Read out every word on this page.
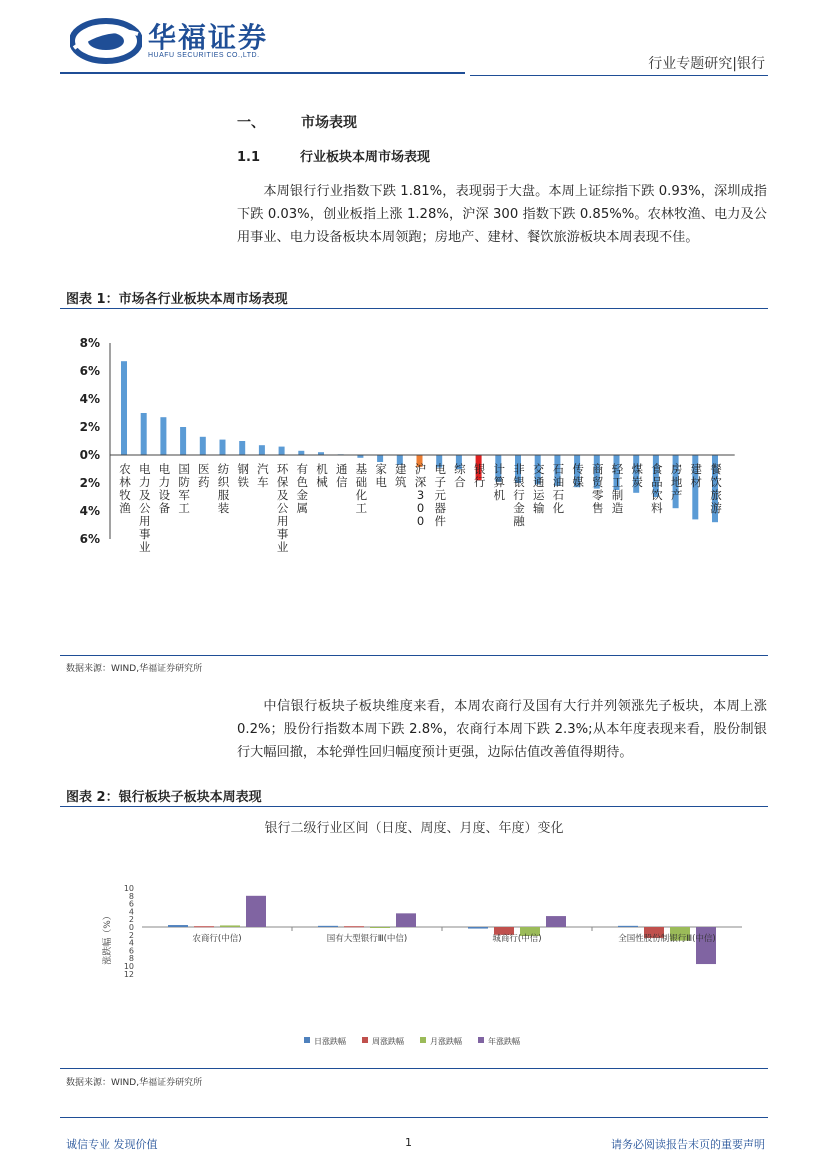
华福证券
HUAFU SECURITIES CO.,LTD.
行业专题研究|银行
一、	市场表现
1.1	行业板块本周市场表现
本周银行行业指数下跌 1.81%，表现弱于大盘。本周上证综指下跌 0.93%，深圳成指下跌 0.03%，创业板指上涨 1.28%，沪深 300 指数下跌 0.85%%。农林牧渔、电力及公用事业、电力设备板块本周领跑；房地产、建材、餐饮旅游板块本周表现不佳。
图表 1：市场各行业板块本周市场表现
8%
6%
4%
2%
0%
2%
4%
6%
农林牧渔
电力及公用事业
电力设备
国防军工
医药
纺织服装
钢铁
汽车
环保及公用事业
有色金属
机械
通信
基础化工
家电
建筑
沪深 3 0 0
电子元器件
综合
银行
计算机
非银行金融
交通运输
石油石化
传媒
商贸零售
轻工制造
煤炭
食品饮料
房地产
建材
餐饮旅游
数据来源：WIND,华福证券研究所
中信银行板块子板块维度来看，本周农商行及国有大行并列领涨先子板块，本周上涨 0.2%；股份行指数本周下跌 2.8%，农商行本周下跌 2.3%;从本年度表现来看，股份制银行大幅回撤，本轮弹性回归幅度预计更强，边际估值改善值得期待。
图表 2：银行板块子板块本周表现
银行二级行业区间（日度、周度、月度、年度）变化
10
8
6
4
2
0
2
4
6
8
10
12
涨跌幅（%）	农商行(中信)	国有大型银行Ⅲ(中信)	城商行(中信)	全国性股份制银行Ⅲ(中信)
日涨跌幅	周涨跌幅	月涨跌幅	年涨跌幅
数据来源：WIND,华福证券研究所
诚信专业 发现价值	1	请务必阅读报告末页的重要声明
